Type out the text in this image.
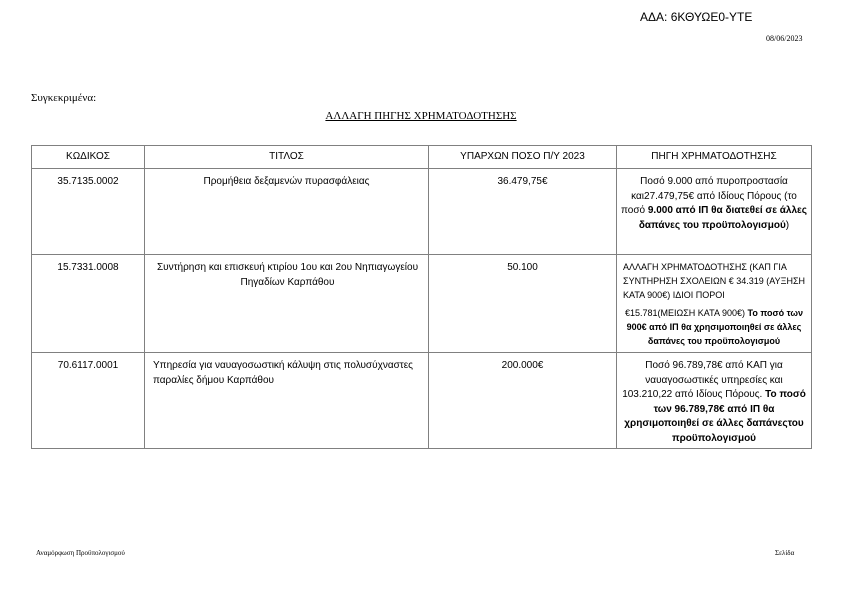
ΑΔΑ: 6ΚΘΥΩΕ0-ΥΤΕ
08/06/2023
Συγκεκριμένα:
ΑΛΛΑΓΗ ΠΗΓΗΣ ΧΡΗΜΑΤΟΔΟΤΗΣΗΣ
ΚΩΔΙΚΟΣ	ΤΙΤΛΟΣ	ΥΠΑΡΧΩΝ ΠΟΣΟ Π/Υ 2023	ΠΗΓΗ ΧΡΗΜΑΤΟΔΟΤΗΣΗΣ
35.7135.0002	Προμήθεια δεξαμενών πυρασφάλειας	36.479,75€	Ποσό 9.000 από πυροπροστασία και27.479,75€ από Ιδίους Πόρους (το ποσό 9.000 από ΙΠ θα διατεθεί σε άλλες δαπάνες του προϋπολογισμού)
15.7331.0008	Συντήρηση και επισκευή κτιρίου 1ου και 2ου Νηπιαγωγείου Πηγαδίων Καρπάθου	50.100	ΑΛΛΑΓΗ ΧΡΗΜΑΤΟΔΟΤΗΣΗΣ (ΚΑΠ ΓΙΑ ΣΥΝΤΗΡΗΣΗ ΣΧΟΛΕΙΩΝ € 34.319 (ΑΥΞΗΣΗ ΚΑΤΑ 900€) ΙΔΙΟΙ ΠΟΡΟΙ
€15.781(ΜΕΙΩΣΗ ΚΑΤΑ 900€) Το ποσό των 900€ από ΙΠ θα χρησιμοποιηθεί σε άλλες δαπάνες του προϋπολογισμού

70.6117.0001	Υπηρεσία για ναυαγοσωστική κάλυψη στις πολυσύχναστες παραλίες δήμου Καρπάθου	200.000€	Ποσό 96.789,78€ από ΚΑΠ για ναυαγοσωστικές υπηρεσίες και 103.210,22 από Ιδίους Πόρους. Το ποσό των 96.789,78€ από ΙΠ θα χρησιμοποιηθεί σε άλλες δαπάνεςτου προϋπολογισμού
Αναμόρφωση Προϋπολογισμού	Σελίδα
